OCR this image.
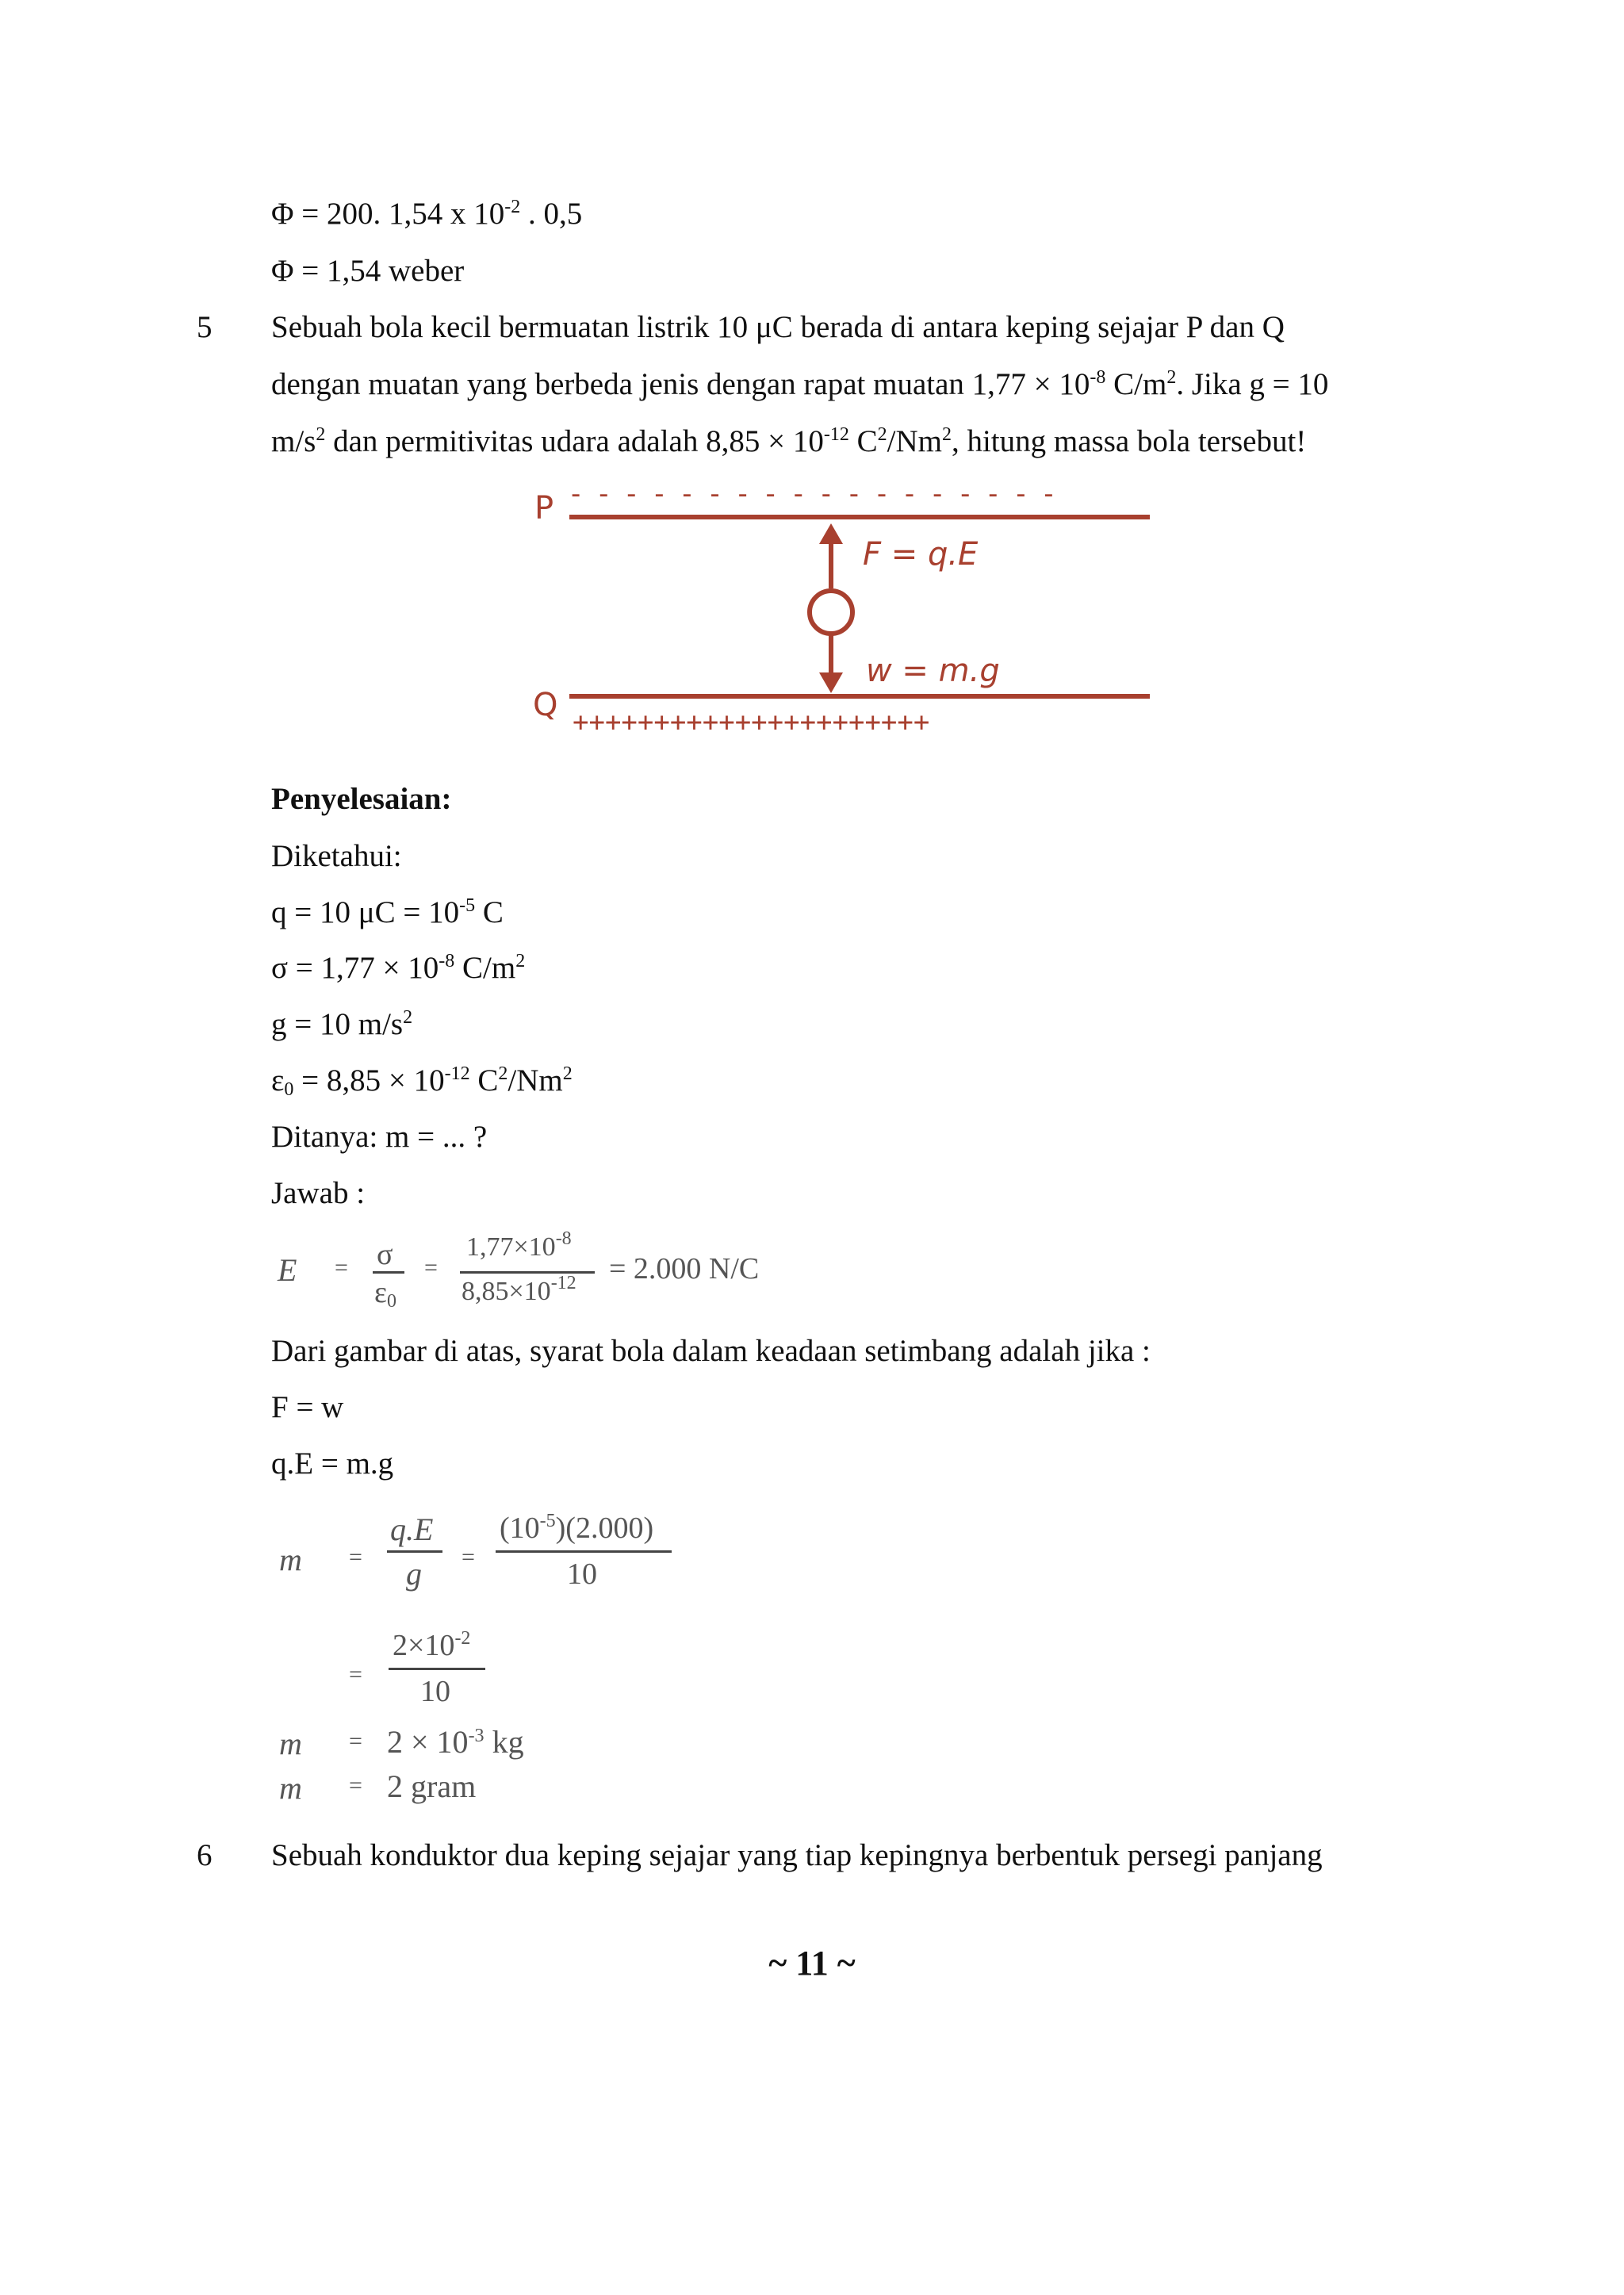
Φ = 200. 1,54 x $10^{-2}$ . 0,5
Φ = 1,54 weber
5 Sebuah bola kecil bermuatan listrik 10 μC berada di antara keping sejajar P dan Q
dengan muatan yang berbeda jenis dengan rapat muatan $1,77 \times 10^{-8}$ $C/m^2$. Jika g = 10
$m/s^2$ dan permitivitas udara adalah $8,85 \times 10^{-12}$ $C^2/Nm^2$, hitung massa bola tersebut!
P - - - - - - - - - - - - - - - - - -
F = q.E
w = m.g
Q ++++++++++++++++++++++
Penyelesaian:
Diketahui:
q = 10 $\mu C = 10^{-5}$ C
$\sigma = 1,77 \times 10^{-8}$ $C/m^2$
g = 10 $m/s^2$
$\varepsilon_0 = 8,85 \times 10^{-12}$ $C^2/Nm^2$
Ditanya: m = ... ?
Jawab :
E = σ
$\varepsilon_0$
=
$1,77\times 10^{-8}$
$8,85\times 10^{-12} = 2.000$ N/C
Dari gambar di atas, syarat bola dalam keadaan setimbang adalah jika :
F = w
q.E = m.g
m =
q.E
g =
$(10^{-5})(2.000)$
10
=
$2\times 10^{-2}$
10
$m = 2 \times 10^{-3}$ kg
m = 2 gram
6 Sebuah konduktor dua keping sejajar yang tiap kepingnya berbentuk persegi panjang
~ 11 ~
